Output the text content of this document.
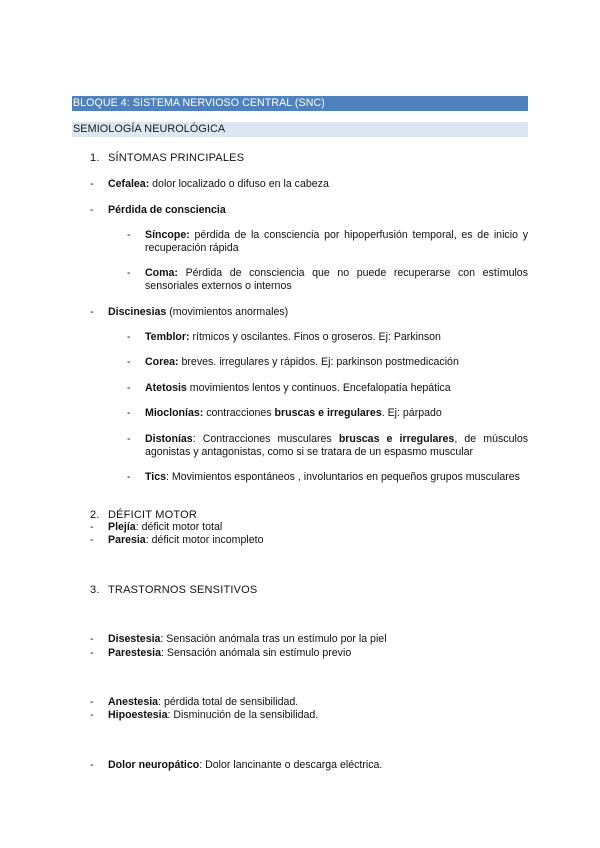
BLOQUE 4: SISTEMA NERVIOSO CENTRAL (SNC)
SEMIOLOGÍA NEUROLÓGICA
1. SÍNTOMAS PRINCIPALES
- Cefalea: dolor localizado o difuso en la cabeza
- Pérdida de consciencia
- Síncope: pérdida de la consciencia por hipoperfusión temporal, es de inicio y recuperación rápida
- Coma: Pérdida de consciencia que no puede recuperarse con estímulos sensoriales externos o internos
- Discinesias (movimientos anormales)
- Temblor: rítmicos y oscilantes. Finos o groseros. Ej: Parkinson
- Corea: breves. irregulares y rápidos. Ej: parkinson postmedicación
- Atetosis movimientos lentos y continuos. Encefalopatía hepática
- Mioclonías: contracciones bruscas e irregulares. Ej: párpado
- Distonías: Contracciones musculares bruscas e irregulares, de músculos agonistas y antagonistas, como si se tratara de un espasmo muscular
- Tics: Movimientos espontáneos , involuntarios en pequeños grupos musculares
2. DÉFICIT MOTOR
- Plejía: déficit motor total
- Paresia: déficit motor incompleto
3. TRASTORNOS SENSITIVOS
- Disestesia: Sensación anómala tras un estímulo por la piel
- Parestesia: Sensación anómala sin estímulo previo
- Anestesia: pérdida total de sensibilidad.
- Hipoestesia: Disminución de la sensibilidad.
- Dolor neuropático: Dolor lancinante o descarga eléctrica.
